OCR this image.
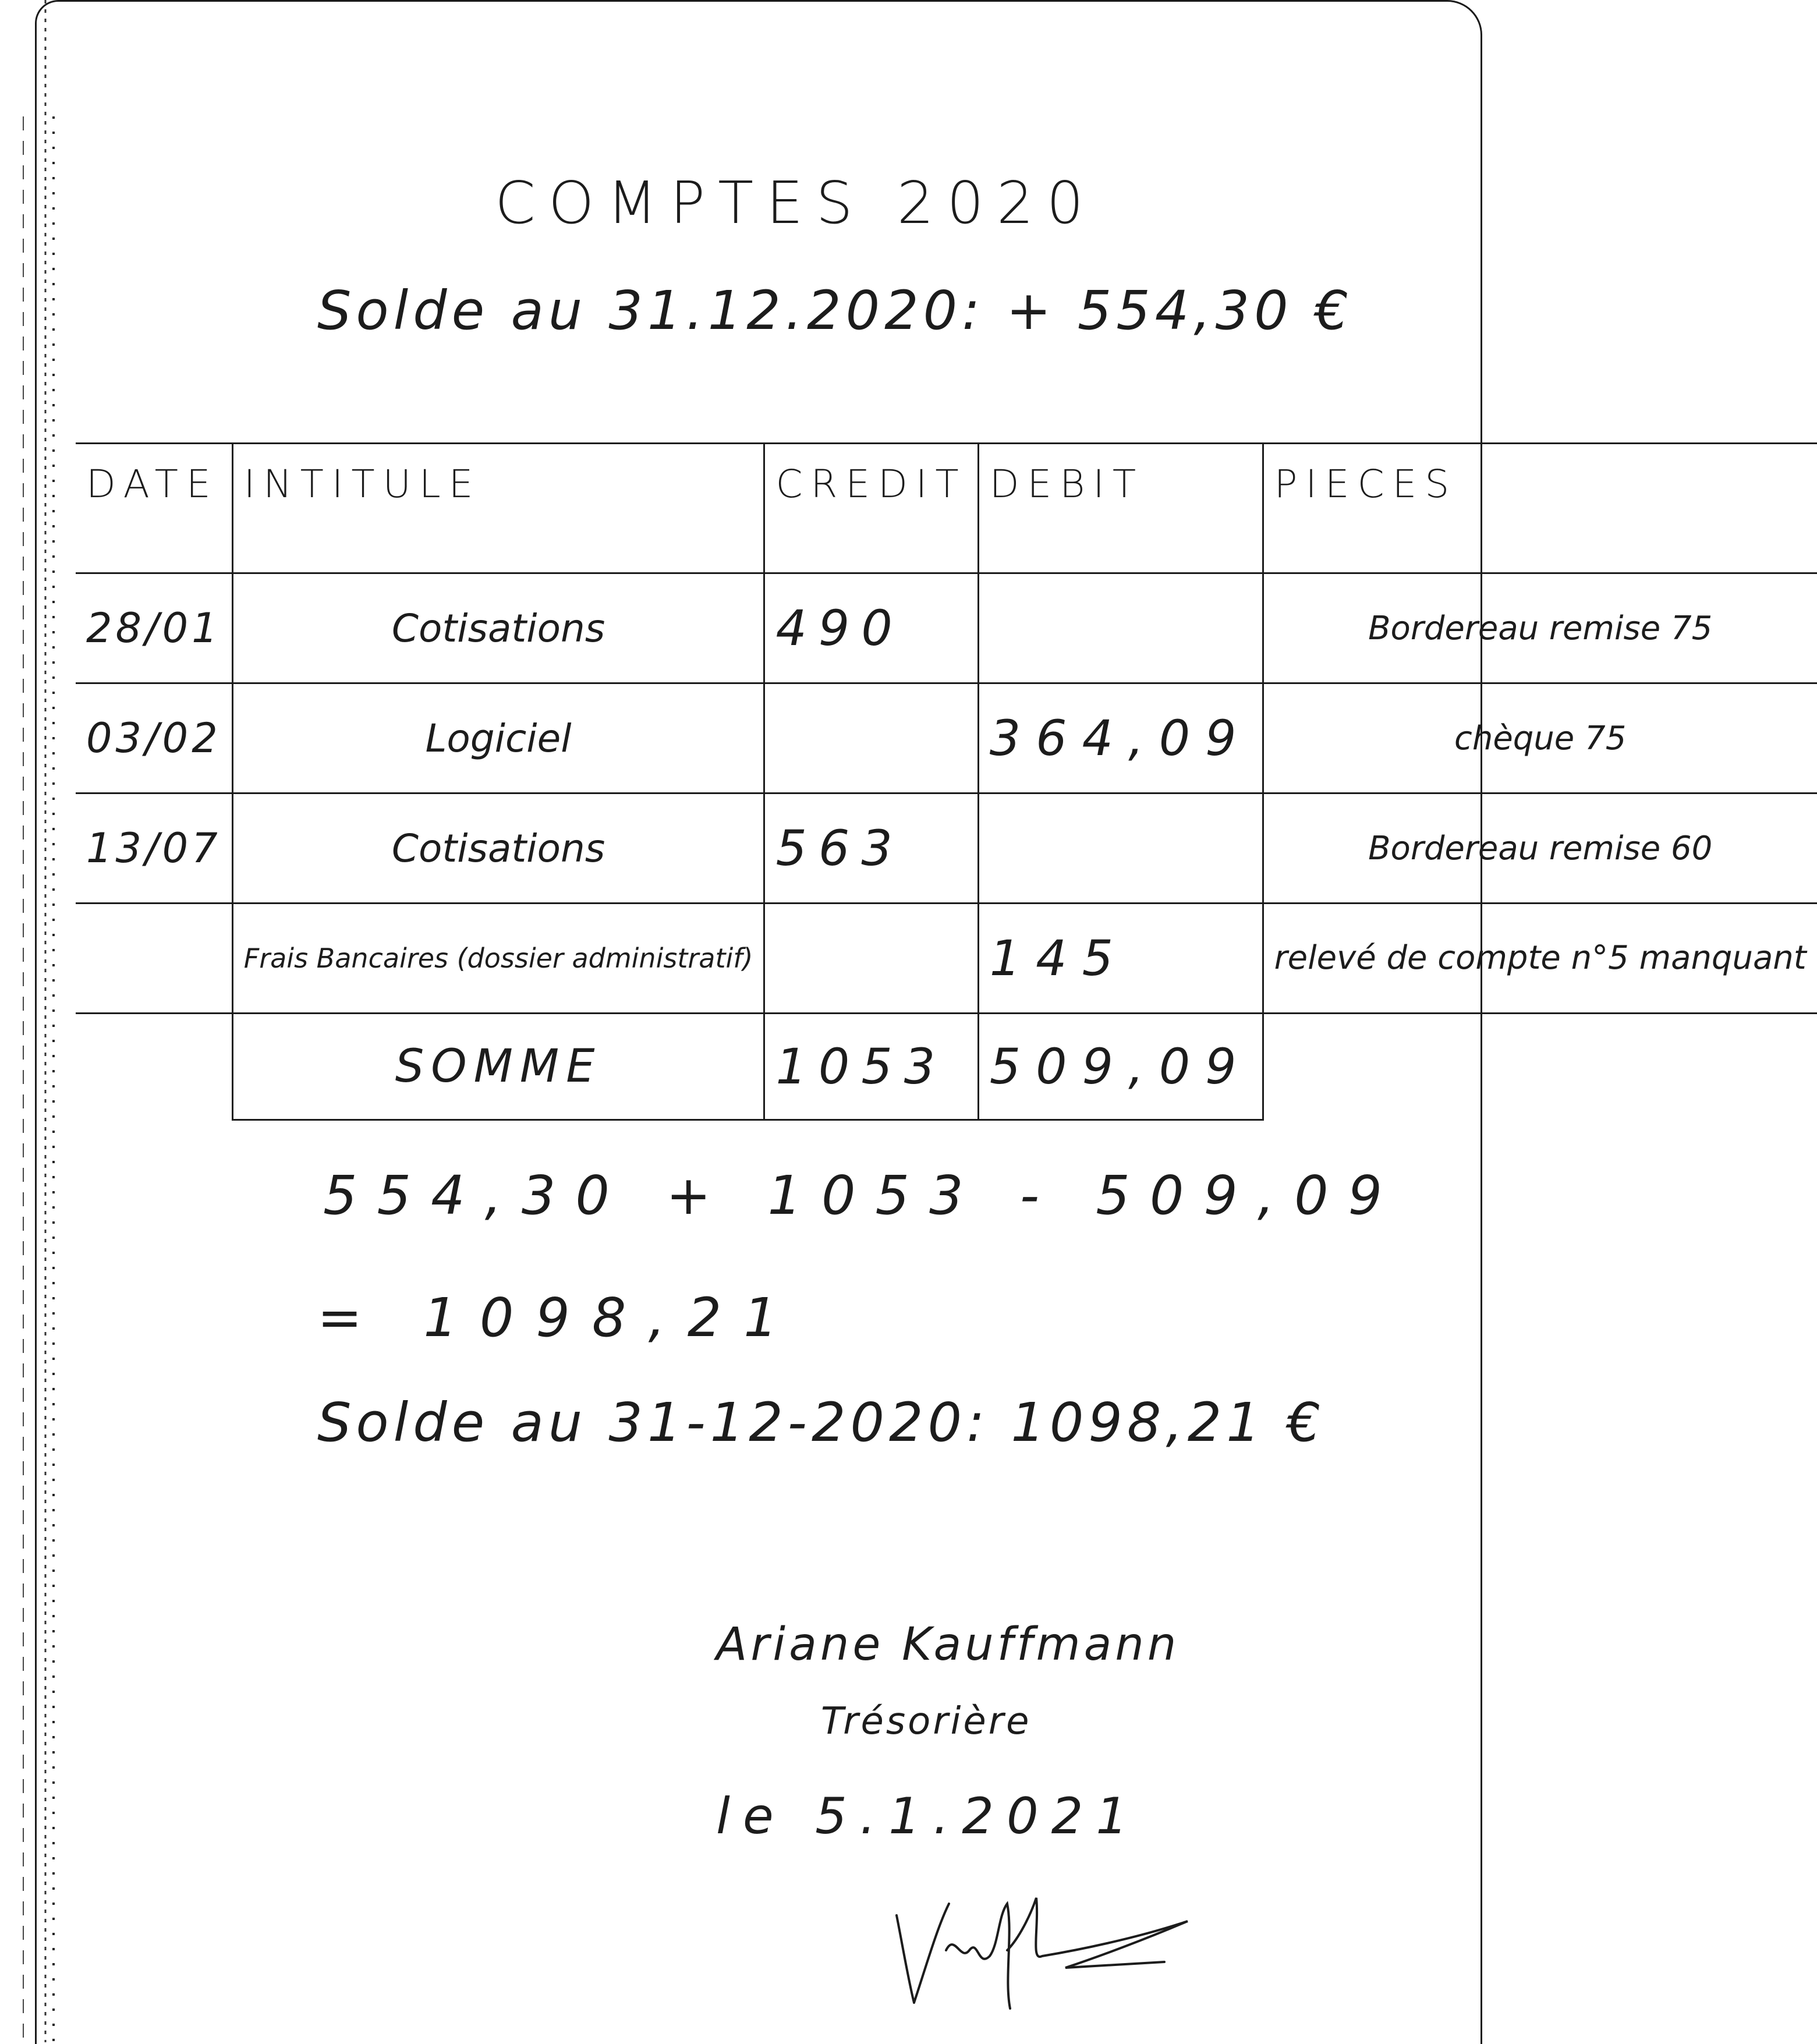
COMPTES 2020
Solde au 31.12.2020: + 554,30 €
DATE	INTITULE	CREDIT	DEBIT	PIECES
28/01	Cotisations	490		Bordereau remise 75
03/02	Logiciel		364,09	chèque 75
13/07	Cotisations	563		Bordereau remise 60
	Frais Bancaires (dossier administratif)		145	relevé de compte n°5 manquant
	SOMME	1053	509,09	
554,30 + 1053 - 509,09
= 1098,21
Solde au 31-12-2020: 1098,21 €
Ariane Kauffmann
Trésorière
le 5.1.2021
